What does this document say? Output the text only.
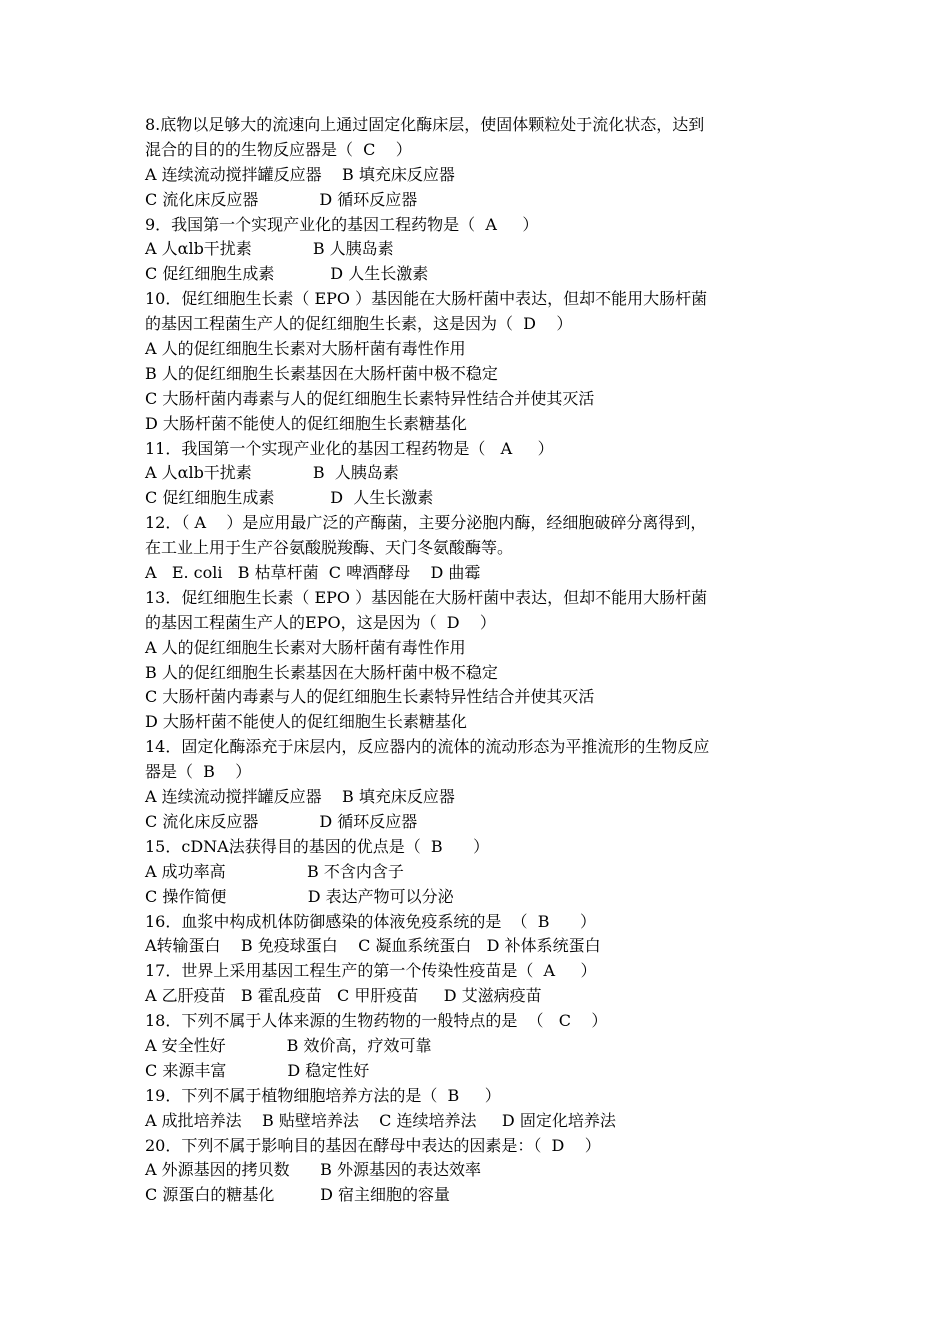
8.底物以足够大的流速向上通过固定化酶床层，使固体颗粒处于流化状态，达到
混合的目的的生物反应器是（  C    ）
A 连续流动搅拌罐反应器    B 填充床反应器
C 流化床反应器            D 循环反应器
9．我国第一个实现产业化的基因工程药物是（  A     ）
A 人αlb干扰素            B 人胰岛素
C 促红细胞生成素           D 人生长激素
10．促红细胞生长素（ EPO ）基因能在大肠杆菌中表达，但却不能用大肠杆菌
的基因工程菌生产人的促红细胞生长素，这是因为（  D    ）
A 人的促红细胞生长素对大肠杆菌有毒性作用
B 人的促红细胞生长素基因在大肠杆菌中极不稳定
C 大肠杆菌内毒素与人的促红细胞生长素特异性结合并使其灭活
D 大肠杆菌不能使人的促红细胞生长素糖基化
11．我国第一个实现产业化的基因工程药物是（   A     ）
A 人αlb干扰素            B  人胰岛素
C 促红细胞生成素           D  人生长激素
12．（ A    ）是应用最广泛的产酶菌，主要分泌胞内酶，经细胞破碎分离得到，
在工业上用于生产谷氨酸脱羧酶、天门冬氨酸酶等。
A   E. coli   B 枯草杆菌  C 啤酒酵母    D 曲霉
13．促红细胞生长素（ EPO ）基因能在大肠杆菌中表达，但却不能用大肠杆菌
的基因工程菌生产人的EPO，这是因为（  D    ）
A 人的促红细胞生长素对大肠杆菌有毒性作用
B 人的促红细胞生长素基因在大肠杆菌中极不稳定
C 大肠杆菌内毒素与人的促红细胞生长素特异性结合并使其灭活
D 大肠杆菌不能使人的促红细胞生长素糖基化
14．固定化酶添充于床层内，反应器内的流体的流动形态为平推流形的生物反应
器是（  B    ）
A 连续流动搅拌罐反应器    B 填充床反应器
C 流化床反应器            D 循环反应器
15．cDNA法获得目的基因的优点是（  B      ）
A 成功率高                B 不含内含子
C 操作简便                D 表达产物可以分泌
16．血浆中构成机体防御感染的体液免疫系统的是  （  B      ）
A转输蛋白    B 免疫球蛋白    C 凝血系统蛋白   D 补体系统蛋白
17．世界上采用基因工程生产的第一个传染性疫苗是（  A     ）
A 乙肝疫苗   B 霍乱疫苗   C 甲肝疫苗     D 艾滋病疫苗
18．下列不属于人体来源的生物药物的一般特点的是  （   C    ）
A 安全性好            B 效价高，疗效可靠
C 来源丰富            D 稳定性好
19．下列不属于植物细胞培养方法的是（  B     ）
A 成批培养法    B 贴壁培养法    C 连续培养法     D 固定化培养法
20．下列不属于影响目的基因在酵母中表达的因素是：（  D    ）
A 外源基因的拷贝数      B 外源基因的表达效率
C 源蛋白的糖基化         D 宿主细胞的容量
